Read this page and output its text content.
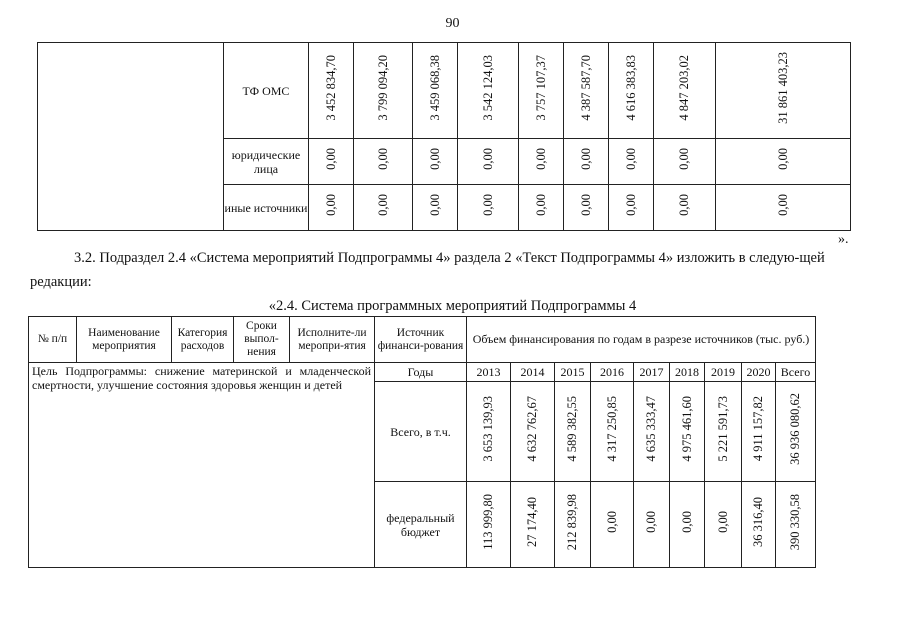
90
	ТФ ОМС	3 452 834,70	3 799 094,20	3 459 068,38	3 542 124,03	3 757 107,37	4 387 587,70	4 616 383,83	4 847 203,02	31 861 403,23
	юридические лица	0,00	0,00	0,00	0,00	0,00	0,00	0,00	0,00	0,00
	иные источники	0,00	0,00	0,00	0,00	0,00	0,00	0,00	0,00	0,00
».
3.2. Подраздел 2.4 «Система мероприятий Подпрограммы 4» раздела 2 «Текст Подпрограммы 4» изложить в следую-щей редакции:
«2.4. Система программных мероприятий Подпрограммы 4
№ п/п	Наименование мероприятия	Категория расходов	Сроки выпол-нения	Исполните-ли меропри-ятия	Источник финанси-рования	Объем финансирования по годам в разрезе источников (тыс. руб.)								
Цель Подпрограммы: снижение материнской и младенческой смертности, улучшение состояния здоровья женщин и детей					Годы	2013	2014	2015	2016	2017	2018	2019	2020	Всего
					Всего, в т.ч.	3 653 139,93	4 632 762,67	4 589 382,55	4 317 250,85	4 635 333,47	4 975 461,60	5 221 591,73	4 911 157,82	36 936 080,62
					федеральный бюджет	113 999,80	27 174,40	212 839,98	0,00	0,00	0,00	0,00	36 316,40	390 330,58
